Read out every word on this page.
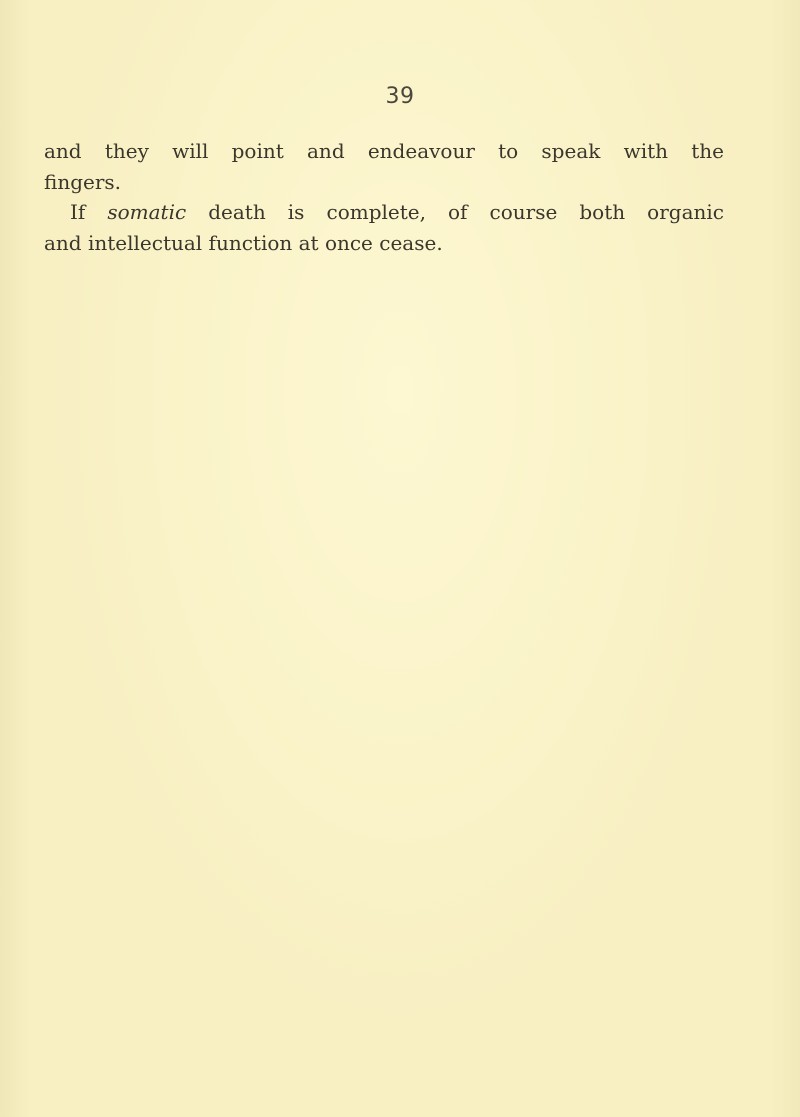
39
and they will point and endeavour to speak with the
fingers.
If somatic death is complete, of course both organic
and intellectual function at once cease.
